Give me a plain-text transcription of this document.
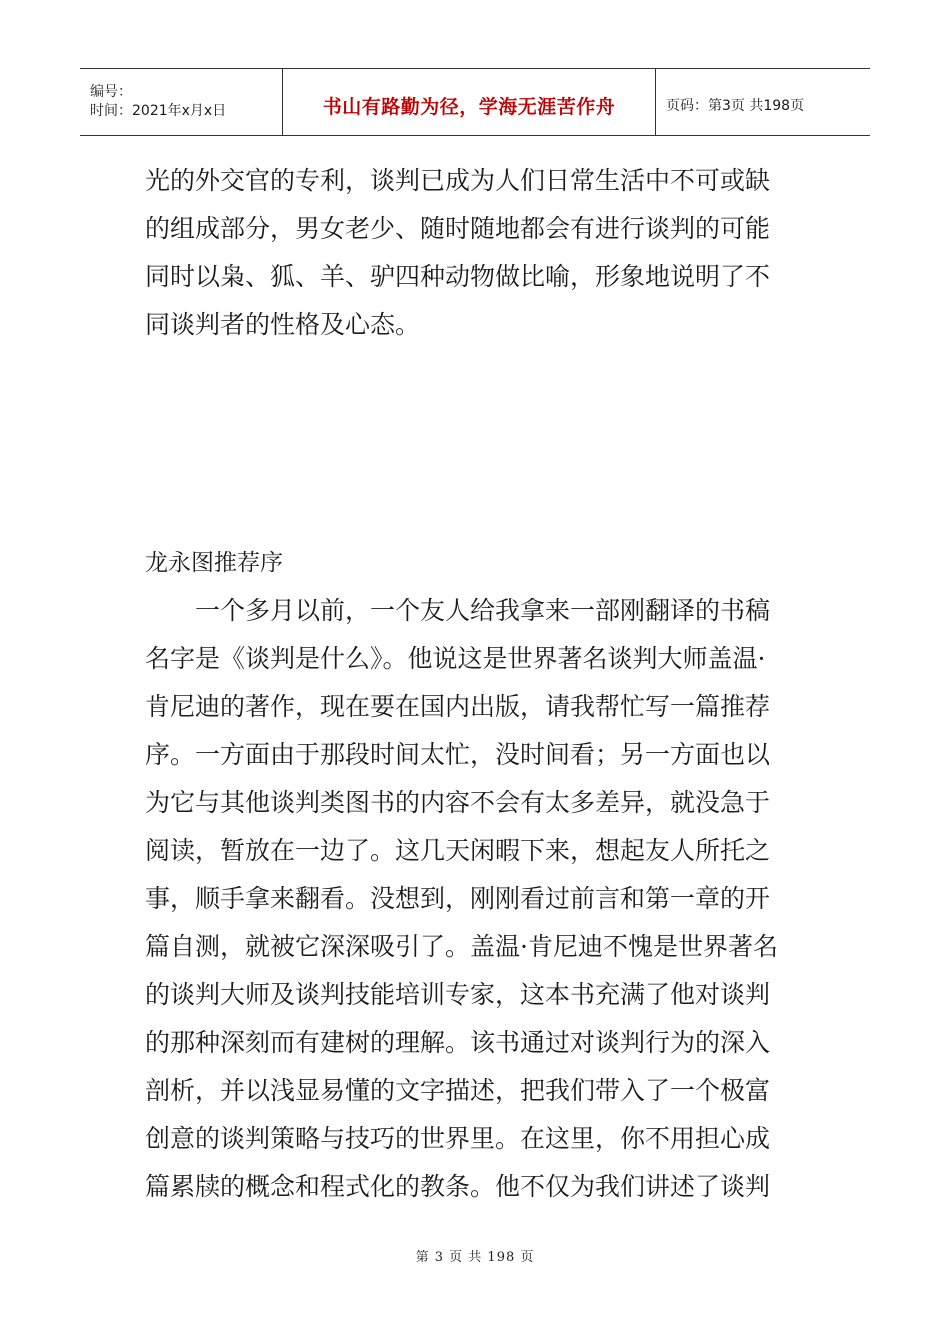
编号：
时间：2021年x月x日	书山有路勤为径，学海无涯苦作舟	页码：第3页 共198页

光的外交官的专利，谈判已成为人们日常生活中不可或缺

的组成部分，男女老少、随时随地都会有进行谈判的可能

同时以枭、狐、羊、驴四种动物做比喻，形象地说明了不

同谈判者的性格及心态。

龙永图推荐序

一个多月以前，一个友人给我拿来一部刚翻译的书稿

名字是《谈判是什么》。他说这是世界著名谈判大师盖温·

肯尼迪的著作，现在要在国内出版，请我帮忙写一篇推荐

序。一方面由于那段时间太忙，没时间看；另一方面也以

为它与其他谈判类图书的内容不会有太多差异，就没急于

阅读，暂放在一边了。这几天闲暇下来，想起友人所托之

事，顺手拿来翻看。没想到，刚刚看过前言和第一章的开

篇自测，就被它深深吸引了。盖温·肯尼迪不愧是世界著名

的谈判大师及谈判技能培训专家，这本书充满了他对谈判

的那种深刻而有建树的理解。该书通过对谈判行为的深入

剖析，并以浅显易懂的文字描述，把我们带入了一个极富

创意的谈判策略与技巧的世界里。在这里，你不用担心成

篇累牍的概念和程式化的教条。他不仅为我们讲述了谈判

第 3 页 共 198 页
